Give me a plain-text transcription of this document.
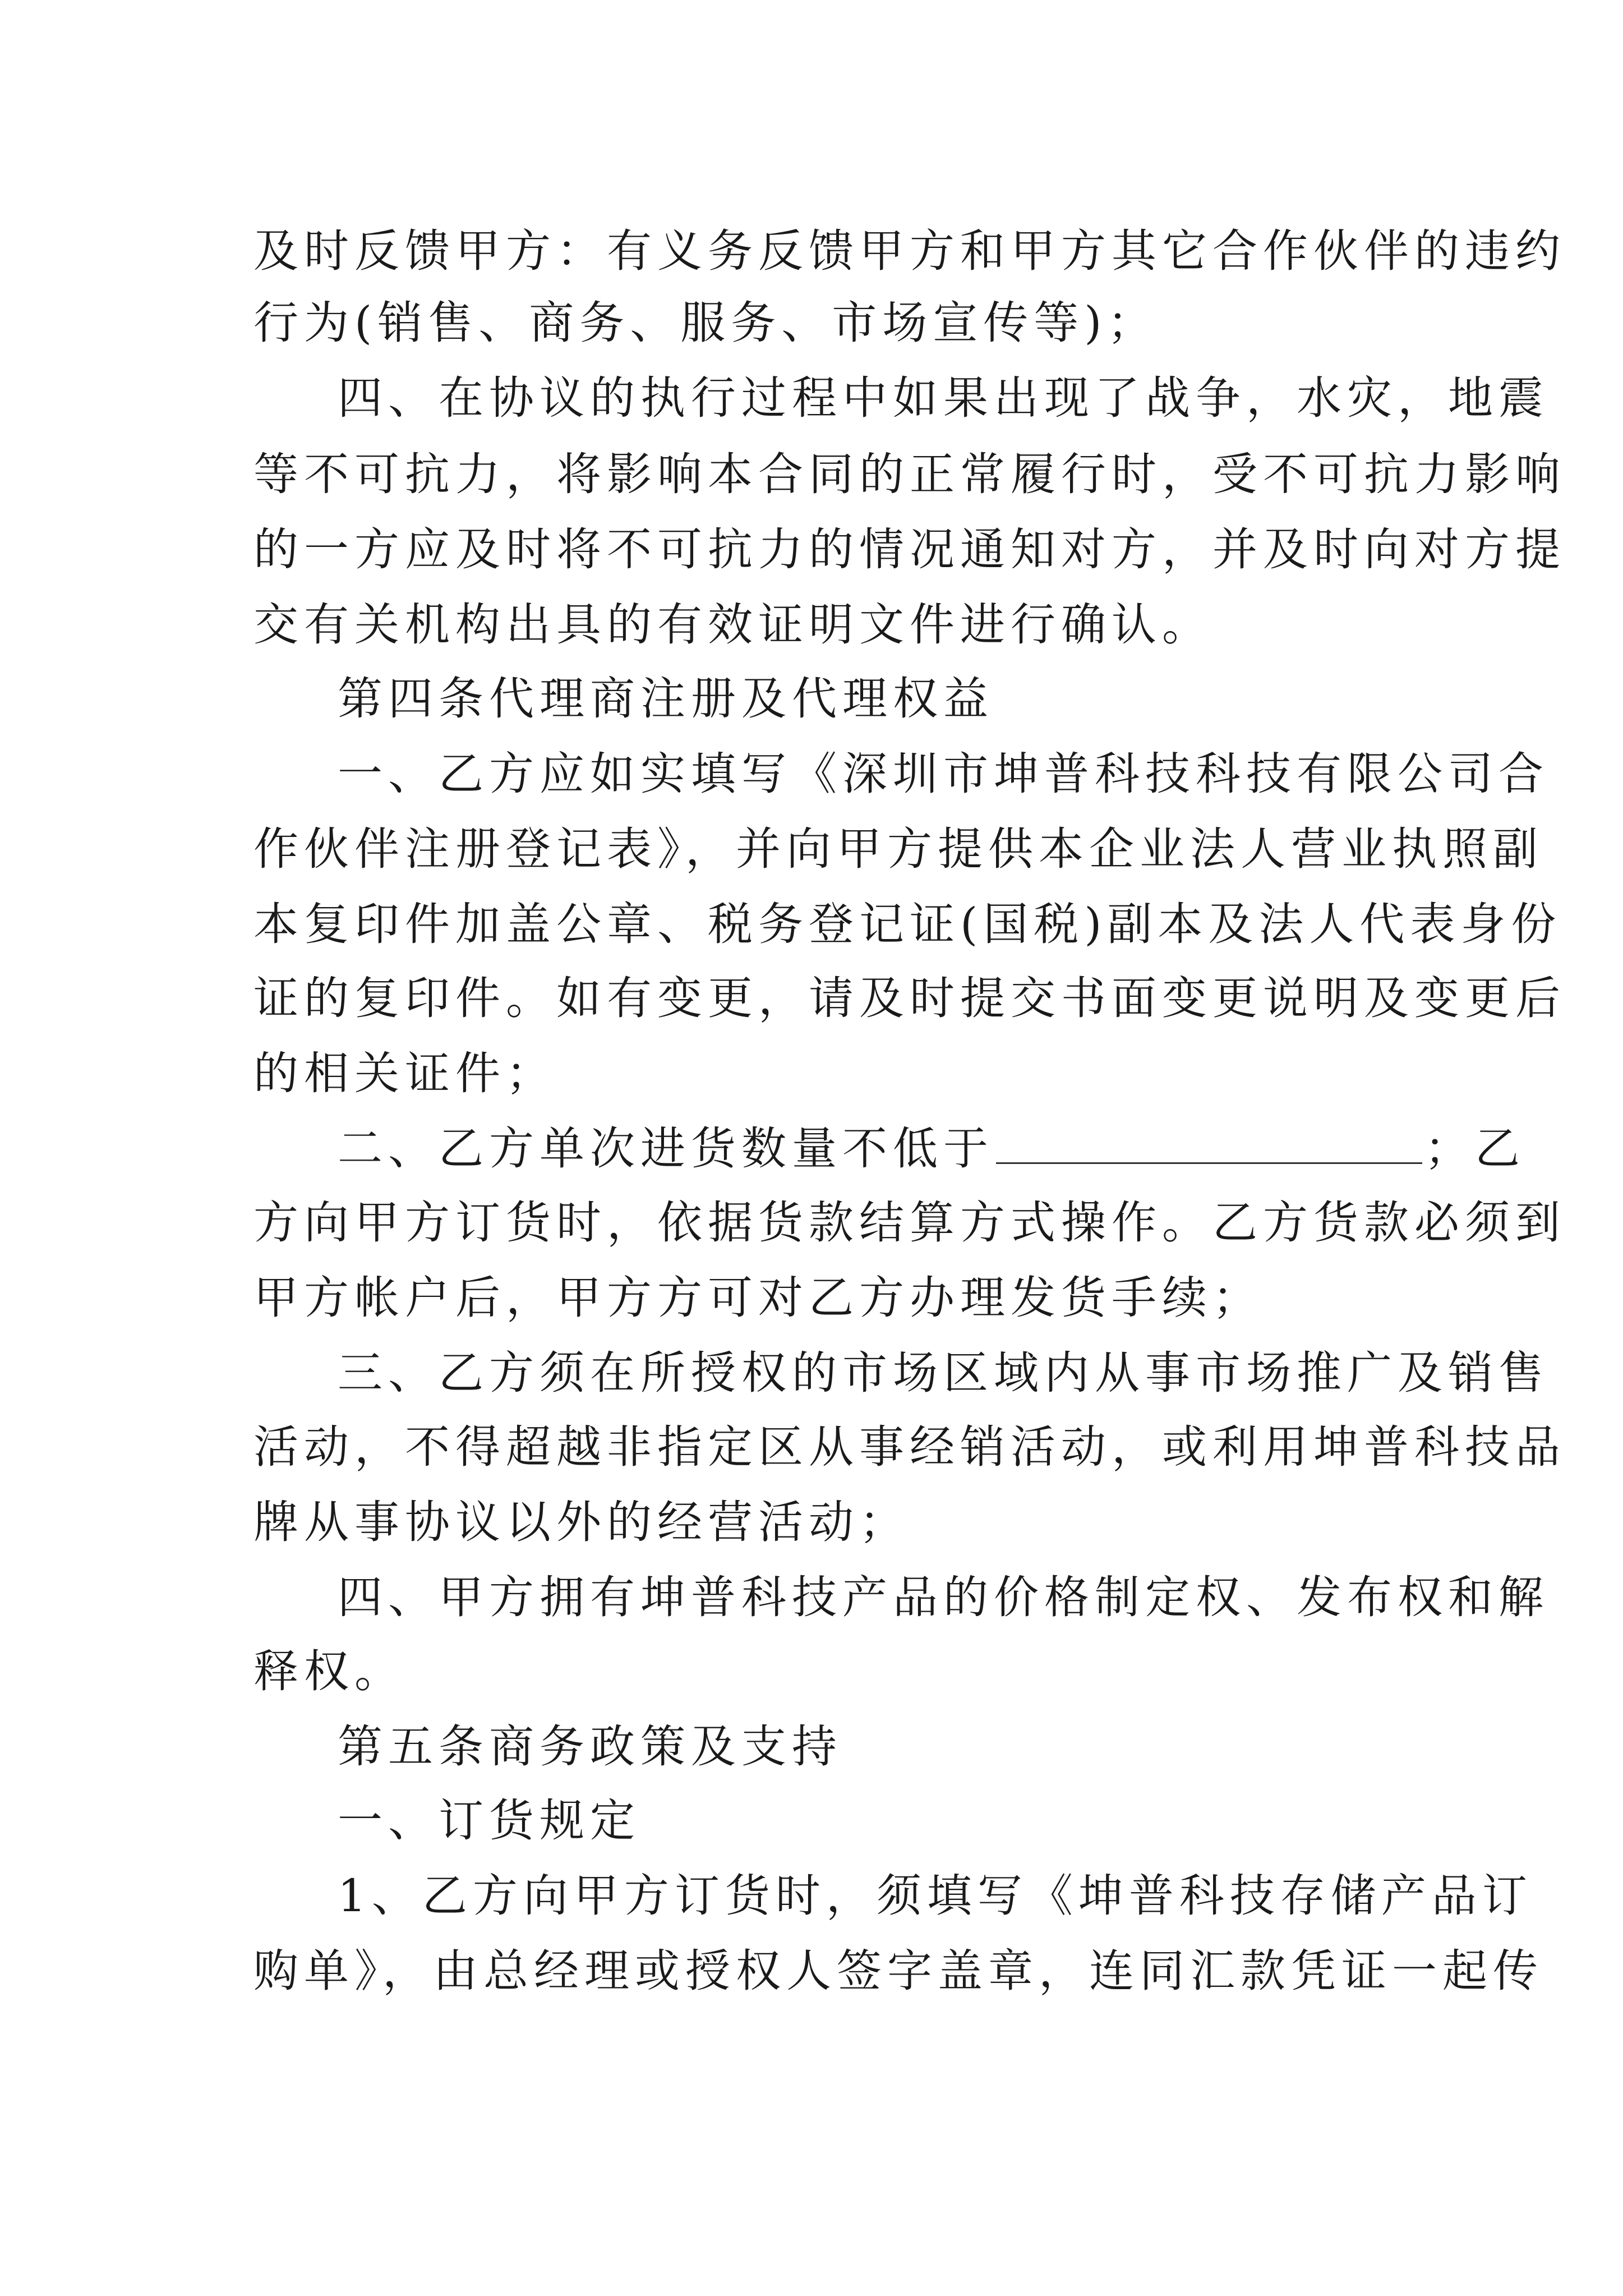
及时反馈甲方：有义务反馈甲方和甲方其它合作伙伴的违约
行为(销售、商务、服务、市场宣传等)；
四、在协议的执行过程中如果出现了战争，水灾，地震
等不可抗力，将影响本合同的正常履行时，受不可抗力影响
的一方应及时将不可抗力的情况通知对方，并及时向对方提
交有关机构出具的有效证明文件进行确认。
第四条代理商注册及代理权益
一、乙方应如实填写《深圳市坤普科技科技有限公司合
作伙伴注册登记表》，并向甲方提供本企业法人营业执照副
本复印件加盖公章、税务登记证(国税)副本及法人代表身份
证的复印件。如有变更，请及时提交书面变更说明及变更后
的相关证件；
二、乙方单次进货数量不低于	；乙
方向甲方订货时，依据货款结算方式操作。乙方货款必须到
甲方帐户后，甲方方可对乙方办理发货手续；
三、乙方须在所授权的市场区域内从事市场推广及销售
活动，不得超越非指定区从事经销活动，或利用坤普科技品
牌从事协议以外的经营活动；
四、甲方拥有坤普科技产品的价格制定权、发布权和解
释权。
第五条商务政策及支持
一、订货规定
1、乙方向甲方订货时，须填写《坤普科技存储产品订
购单》，由总经理或授权人签字盖章，连同汇款凭证一起传
